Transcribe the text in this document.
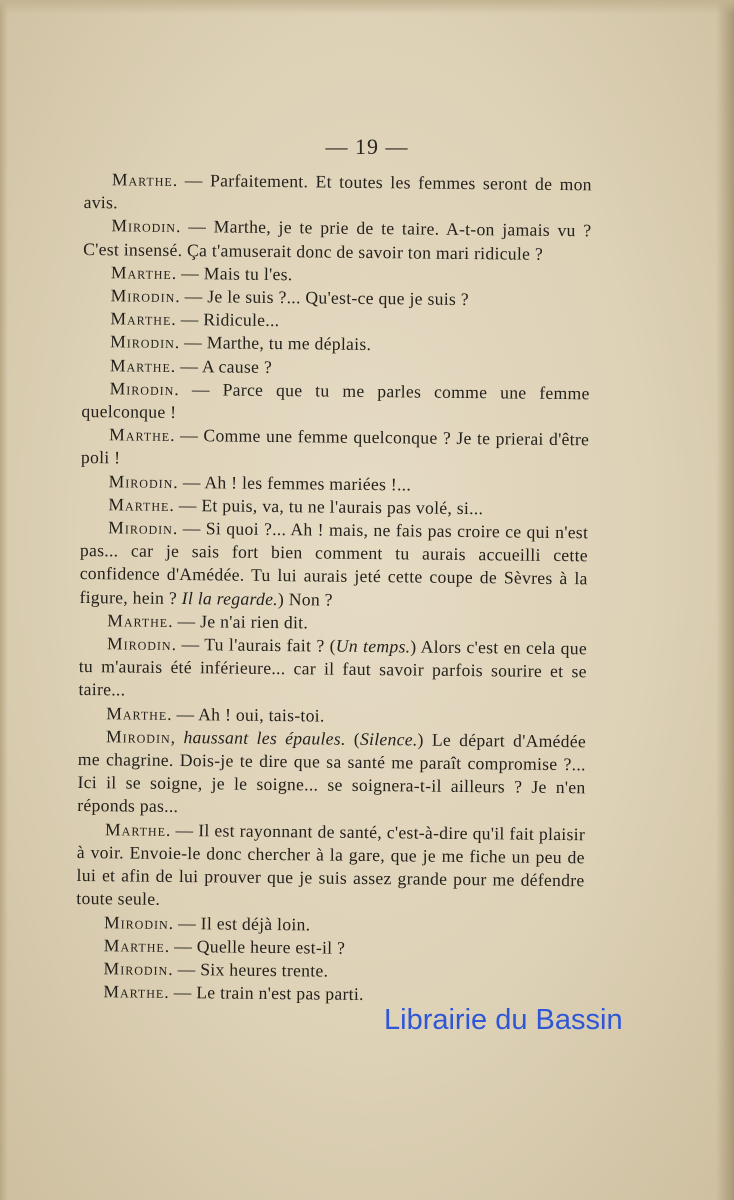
— 19 —

Marthe. — Parfaitement. Et toutes les femmes seront de mon avis.

Mirodin. — Marthe, je te prie de te taire. A-t-on jamais vu ? C'est insensé. Ça t'amuserait donc de savoir ton mari ridicule ?

Marthe. — Mais tu l'es.

Mirodin. — Je le suis ?... Qu'est-ce que je suis ?

Marthe. — Ridicule...

Mirodin. — Marthe, tu me déplais.

Marthe. — A cause ?

Mirodin. — Parce que tu me parles comme une femme quelconque !

Marthe. — Comme une femme quelconque ? Je te prierai d'être poli !

Mirodin. — Ah ! les femmes mariées !...

Marthe. — Et puis, va, tu ne l'aurais pas volé, si...

Mirodin. — Si quoi ?... Ah ! mais, ne fais pas croire ce qui n'est pas... car je sais fort bien comment tu aurais accueilli cette confidence d'Amédée. Tu lui aurais jeté cette coupe de Sèvres à la figure, hein ? Il la regarde.) Non ?

Marthe. — Je n'ai rien dit.

Mirodin. — Tu l'aurais fait ? (Un temps.) Alors c'est en cela que tu m'aurais été inférieure... car il faut savoir parfois sourire et se taire...

Marthe. — Ah ! oui, tais-toi.

Mirodin, haussant les épaules. (Silence.) Le départ d'Amédée me chagrine. Dois-je te dire que sa santé me paraît compromise ?... Ici il se soigne, je le soigne... se soignera-t-il ailleurs ? Je n'en réponds pas...

Marthe. — Il est rayonnant de santé, c'est-à-dire qu'il fait plaisir à voir. Envoie-le donc chercher à la gare, que je me fiche un peu de lui et afin de lui prouver que je suis assez grande pour me défendre toute seule.

Mirodin. — Il est déjà loin.

Marthe. — Quelle heure est-il ?

Mirodin. — Six heures trente.

Marthe. — Le train n'est pas parti.

Librairie du Bassin
